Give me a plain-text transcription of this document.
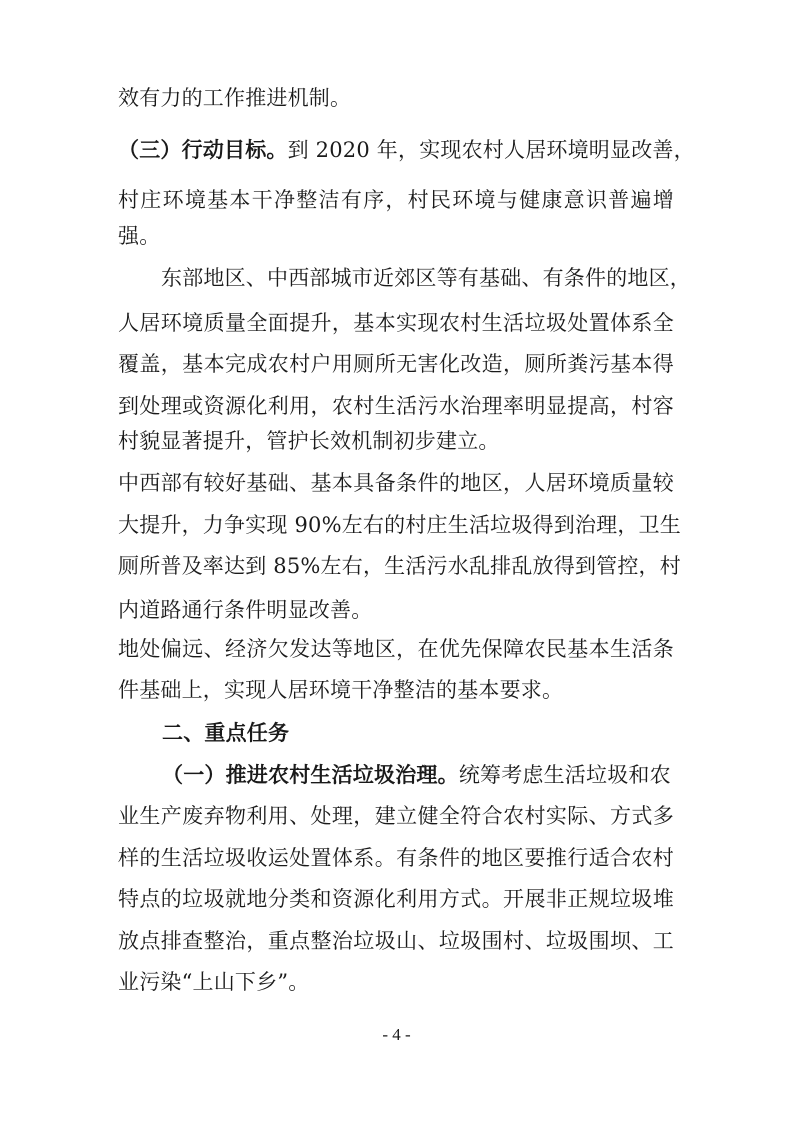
效有力的工作推进机制。
（三）行动目标。到 2020 年，实现农村人居环境明显改善，
村庄环境基本干净整洁有序，村民环境与健康意识普遍增
强。
东部地区、中西部城市近郊区等有基础、有条件的地区，
人居环境质量全面提升，基本实现农村生活垃圾处置体系全
覆盖，基本完成农村户用厕所无害化改造，厕所粪污基本得
到处理或资源化利用，农村生活污水治理率明显提高，村容
村貌显著提升，管护长效机制初步建立。
中西部有较好基础、基本具备条件的地区，人居环境质量较
大提升，力争实现 90%左右的村庄生活垃圾得到治理，卫生
厕所普及率达到 85%左右，生活污水乱排乱放得到管控，村
内道路通行条件明显改善。
地处偏远、经济欠发达等地区，在优先保障农民基本生活条
件基础上，实现人居环境干净整洁的基本要求。
二、重点任务
（一）推进农村生活垃圾治理。统筹考虑生活垃圾和农
业生产废弃物利用、处理，建立健全符合农村实际、方式多
样的生活垃圾收运处置体系。有条件的地区要推行适合农村
特点的垃圾就地分类和资源化利用方式。开展非正规垃圾堆
放点排查整治，重点整治垃圾山、垃圾围村、垃圾围坝、工
业污染“上山下乡”。
- 4 -
